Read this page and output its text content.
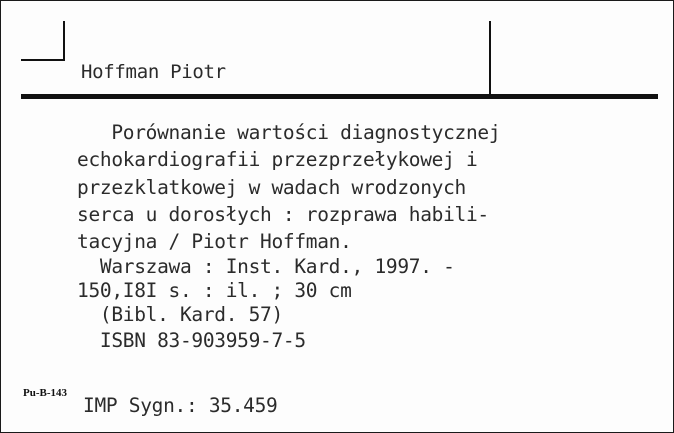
Hoffman Piotr
Porównanie wartości diagnostycznej
echokardiografii przezprzełykowej i
przezklatkowej w wadach wrodzonych
serca u dorosłych : rozprawa habili-
tacyjna / Piotr Hoffman.
Warszawa : Inst. Kard., 1997. -
150,I8I s. : il. ; 30 cm
(Bibl. Kard. 57)
ISBN 83-903959-7-5
Pu-B-143
IMP Sygn.: 35.459
